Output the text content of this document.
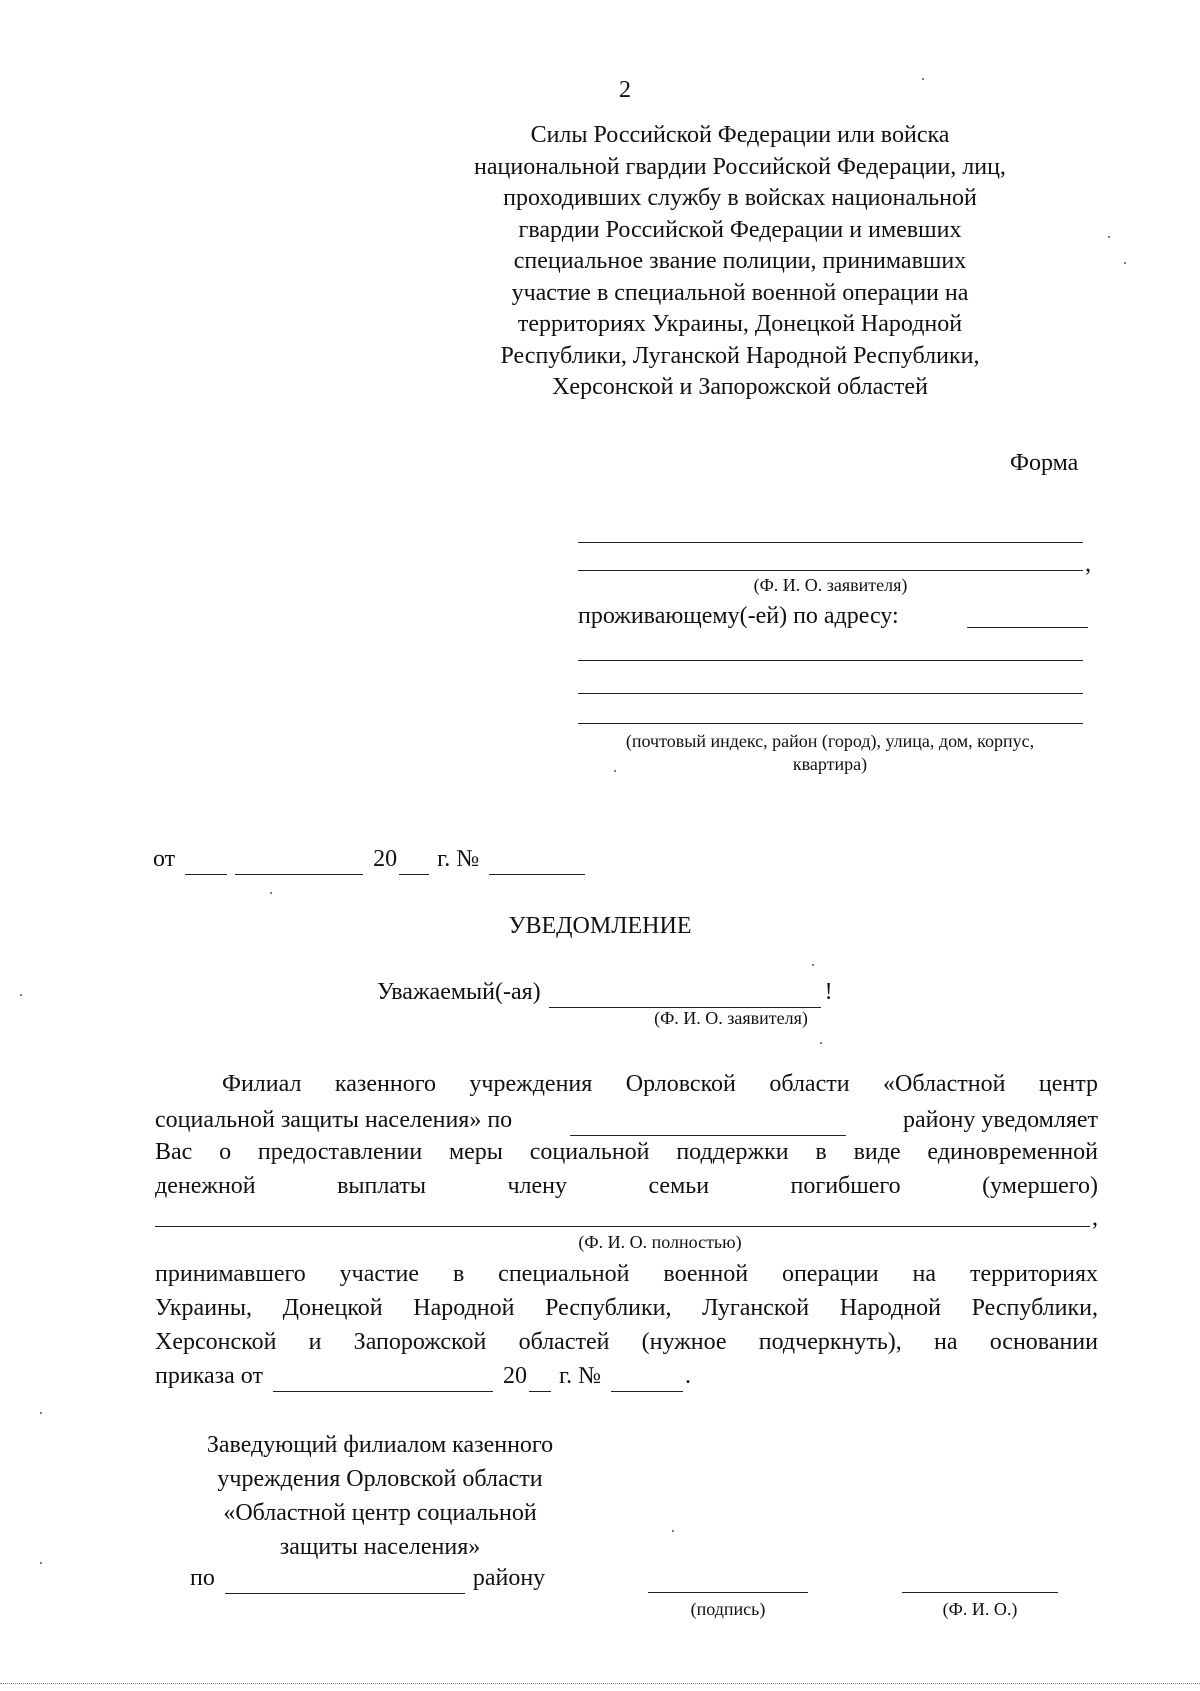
2
Силы Российской Федерации или войска
национальной гвардии Российской Федерации, лиц,
проходивших службу в войсках национальной
гвардии Российской Федерации и имевших
специальное звание полиции, принимавших
участие в специальной военной операции на
территориях Украины, Донецкой Народной
Республики, Луганской Народной Республики,
Херсонской и Запорожской областей
Форма
,
(Ф. И. О. заявителя)
проживающему(-ей) по адресу:
(почтовый индекс, район (город), улица, дом, корпус,
квартира)
от	20 г. №
УВЕДОМЛЕНИЕ
Уважаемый(-ая)	!
(Ф. И. О. заявителя)
Филиал казенного учреждения Орловской области «Областной центр
социальной защиты населения» по	району уведомляет
Вас о предоставлении меры социальной поддержки в виде единовременной
денежной выплаты члену семьи погибшего (умершего)
,
(Ф. И. О. полностью)
принимавшего участие в специальной военной операции на территориях
Украины, Донецкой Народной Республики, Луганской Народной Республики,
Херсонской и Запорожской областей (нужное подчеркнуть), на основании
приказа от	20 г. №	.
Заведующий филиалом казенного
учреждения Орловской области
«Областной центр социальной
защиты населения»
по	району
(подпись)	(Ф. И. О.)
